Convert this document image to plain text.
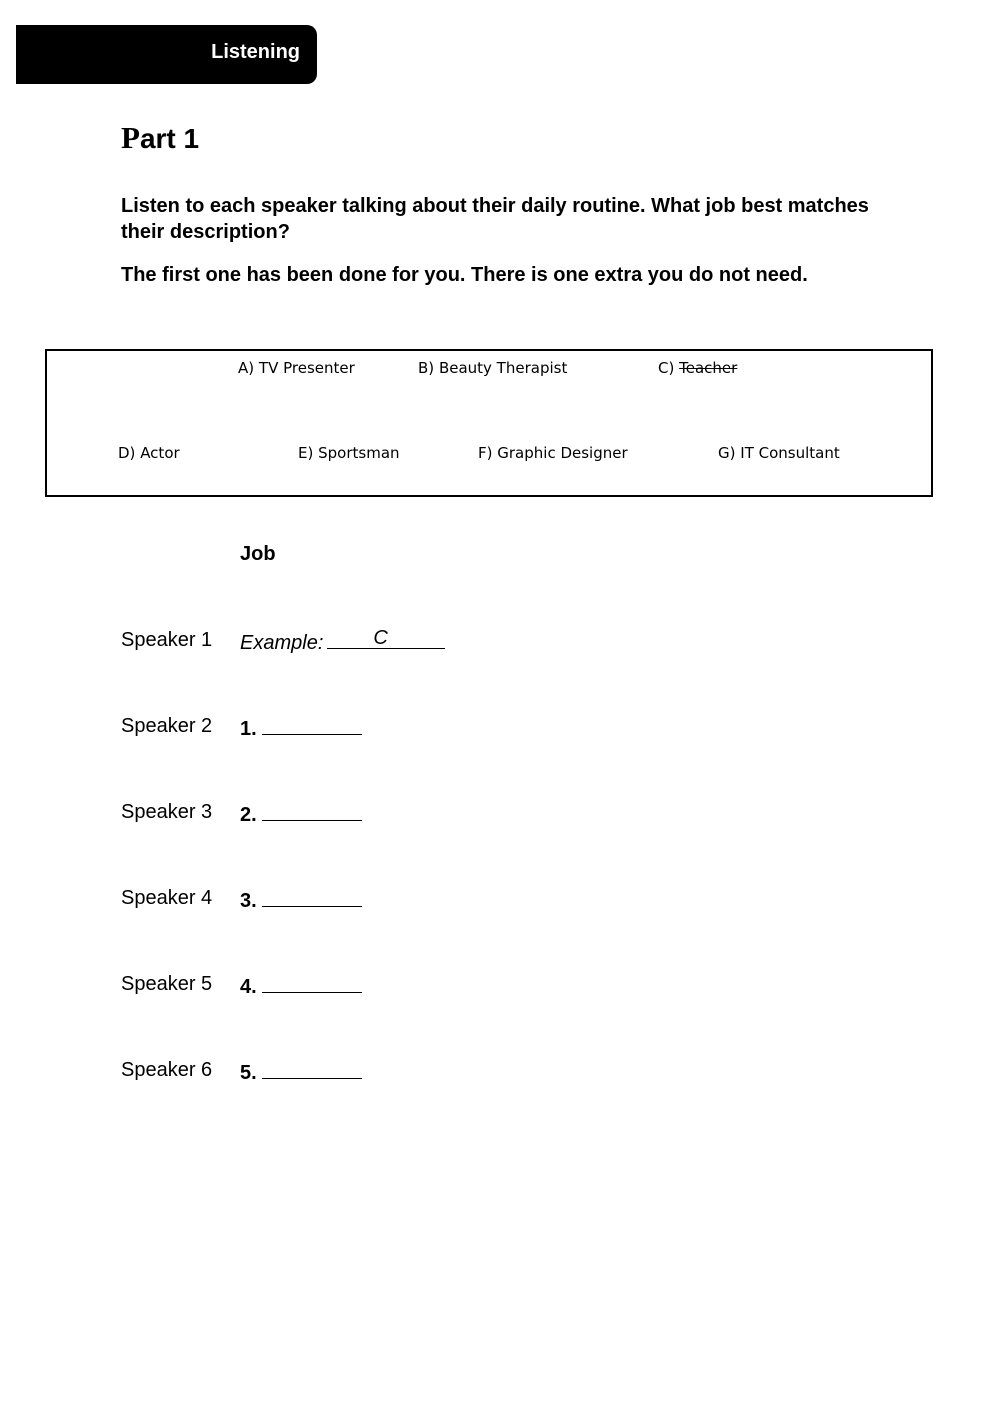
Listening
Part 1

Listen to each speaker talking about their daily routine. What job best matches their description?

The first one has been done for you. There is one extra you do not need.

A) TV Presenter	B) Beauty Therapist	C) Teacher
D) Actor	E) Sportsman	F) Graphic Designer	G) IT Consultant
Job
Speaker 1 Example:	C
Speaker 2 1.
Speaker 3 2.
Speaker 4 3.
Speaker 5 4.
Speaker 6 5.
